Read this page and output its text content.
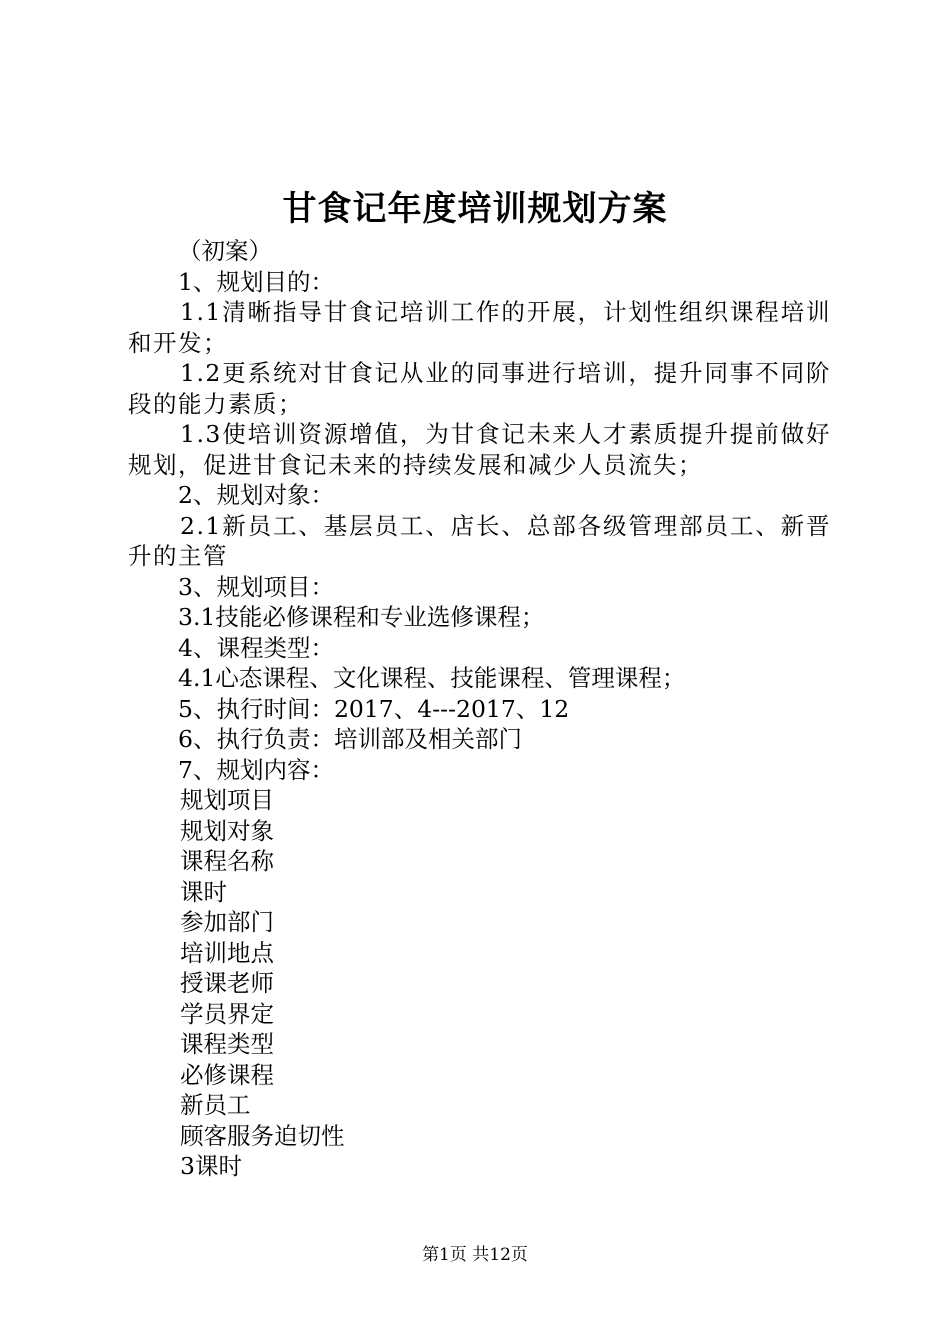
甘食记年度培训规划方案
（初案）
1、规划目的：
1.1清晰指导甘食记培训工作的开展，计划性组织课程培训和开发；
1.2更系统对甘食记从业的同事进行培训，提升同事不同阶段的能力素质；
1.3使培训资源增值，为甘食记未来人才素质提升提前做好规划，促进甘食记未来的持续发展和减少人员流失；
2、规划对象：
2.1新员工、基层员工、店长、总部各级管理部员工、新晋升的主管
3、规划项目：
3.1技能必修课程和专业选修课程；
4、课程类型：
4.1心态课程、文化课程、技能课程、管理课程；
5、执行时间：2017、4---2017、12
6、执行负责：培训部及相关部门
7、规划内容：
规划项目
规划对象
课程名称
课时
参加部门
培训地点
授课老师
学员界定
课程类型
必修课程
新员工
顾客服务迫切性
3课时
第1页 共12页
